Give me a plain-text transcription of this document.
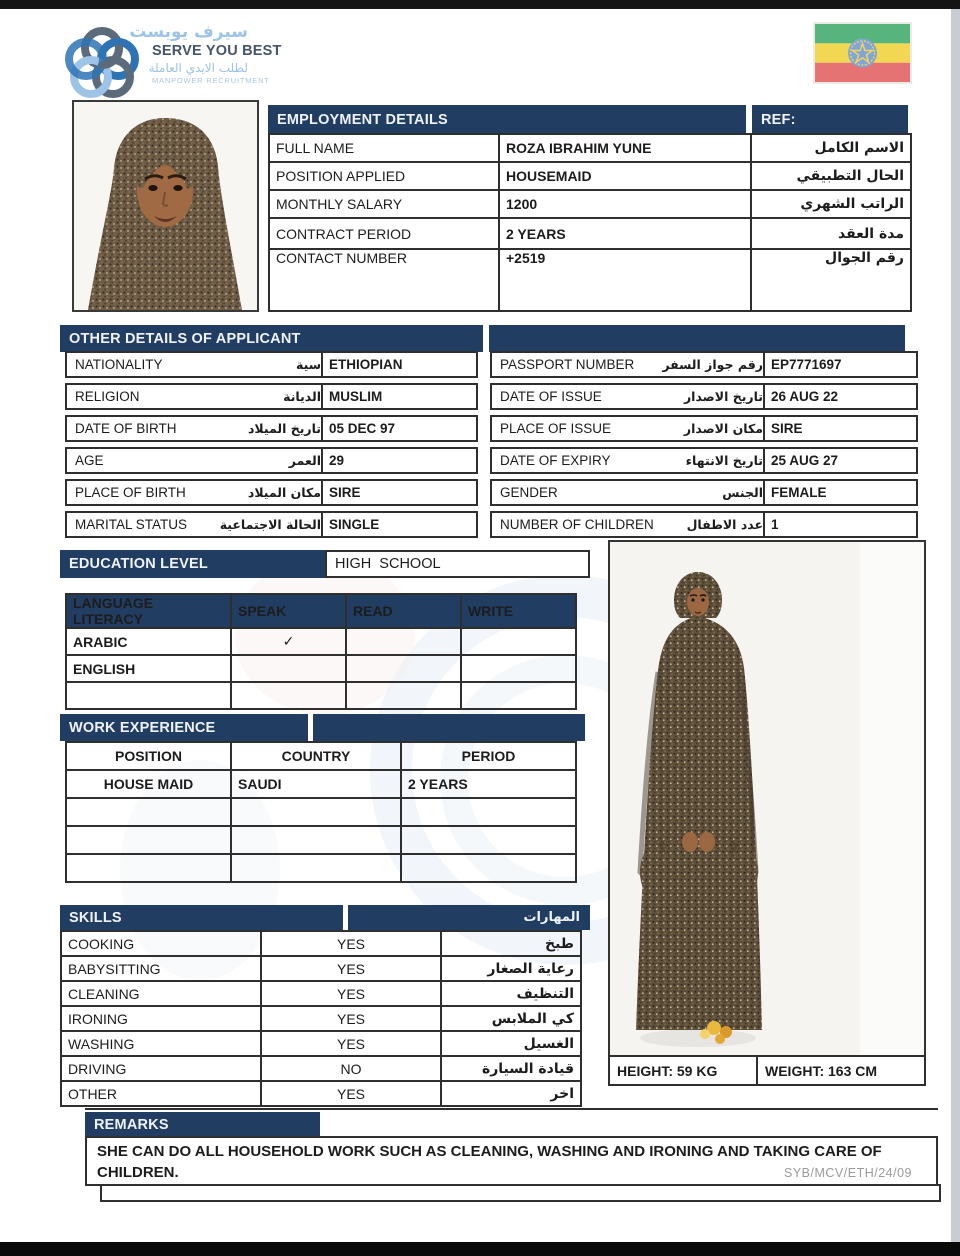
سيرف يوبست
SERVE YOU BEST
لطلب الايدي العاملة
MANPOWER RECRUITMENT
EMPLOYMENT DETAILS	REF:
FULL NAME	ROZA IBRAHIM YUNE	الاسم الكامل
POSITION APPLIED	HOUSEMAID	الحال التطبيقي
MONTHLY SALARY	1200	الراتب الشهري
CONTRACT PERIOD	2 YEARS	مدة العقد
CONTACT NUMBER	+2519	رقم الجوال
OTHER DETAILS OF APPLICANT
NATIONALITY	سية ETHIOPIAN
RELIGION	الديانة MUSLIM
DATE OF BIRTH	تاريخ الميلاد 05 DEC 97
AGE	العمر 29
PLACE OF BIRTH	مكان الميلاد SIRE
MARITAL STATUS	الحالة الاجتماعية SINGLE
PASSPORT NUMBER رقم جواز السفر EP7771697
DATE OF ISSUE	تاريخ الاصدار 26 AUG 22
PLACE OF ISSUE	مكان الاصدار SIRE
DATE OF EXPIRY	تاريخ الانتهاء 25 AUG 27
GENDER	الجنس FEMALE
NUMBER OF CHILDREN	عدد الاطفال 1
EDUCATION LEVEL	HIGH  SCHOOL
LANGUAGE LITERACY	SPEAK	READ	WRITE
ARABIC	✓		
ENGLISH			

WORK EXPERIENCE
POSITION	COUNTRY	PERIOD
HOUSE MAID	SAUDI	2 YEARS

SKILLS	المهارات
COOKING	YES	طبخ
BABYSITTING	YES	رعاية الصغار
CLEANING	YES	التنظيف
IRONING	YES	كي الملابس
WASHING	YES	الغسيل
DRIVING	NO	قيادة السيارة
OTHER	YES	اخر
HEIGHT: 59 KG	WEIGHT: 163 CM
REMARKS
SHE CAN DO ALL HOUSEHOLD WORK SUCH AS CLEANING, WASHING AND IRONING AND TAKING CARE OF CHILDREN.	SYB/MCV/ETH/24/09
